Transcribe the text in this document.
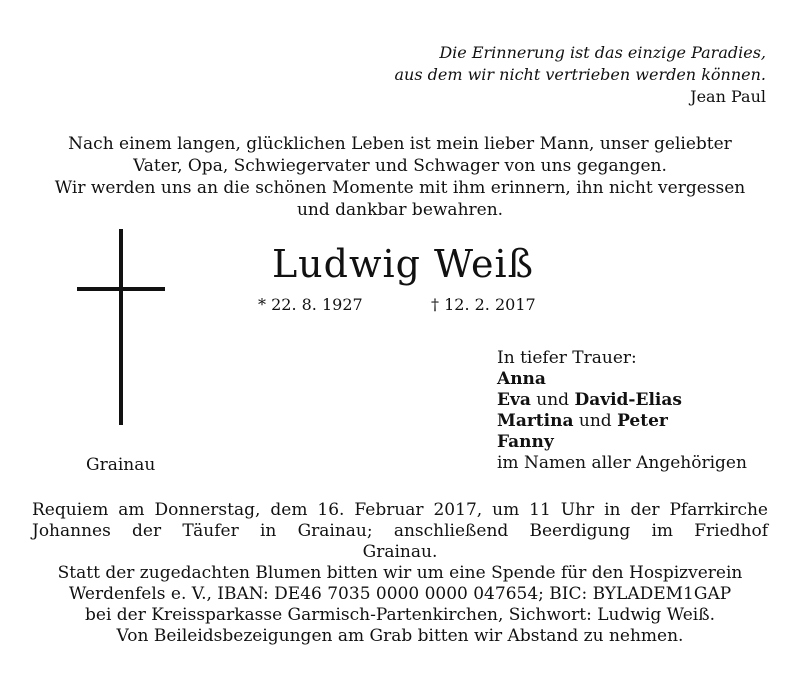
Die Erinnerung ist das einzige Paradies,
aus dem wir nicht vertrieben werden können.
Jean Paul
Nach einem langen, glücklichen Leben ist mein lieber Mann, unser geliebter
Vater, Opa, Schwiegervater und Schwager von uns gegangen.
Wir werden uns an die schönen Momente mit ihm erinnern, ihn nicht vergessen
und dankbar bewahren.
Ludwig Weiß
* 22. 8. 1927	† 12. 2. 2017
Grainau
In tiefer Trauer:
Anna
Eva und David-Elias
Martina und Peter
Fanny
im Namen aller Angehörigen

Requiem am Donnerstag, dem 16. Februar 2017, um 11 Uhr in der Pfarrkirche

Johannes der Täufer in Grainau; anschließend Beerdigung im Friedhof

Grainau.

Statt der zugedachten Blumen bitten wir um eine Spende für den Hospizverein

Werdenfels e. V., IBAN: DE46 7035 0000 0000 047654; BIC: BYLADEM1GAP

bei der Kreissparkasse Garmisch-Partenkirchen, Sichwort: Ludwig Weiß.

Von Beileidsbezeigungen am Grab bitten wir Abstand zu nehmen.
